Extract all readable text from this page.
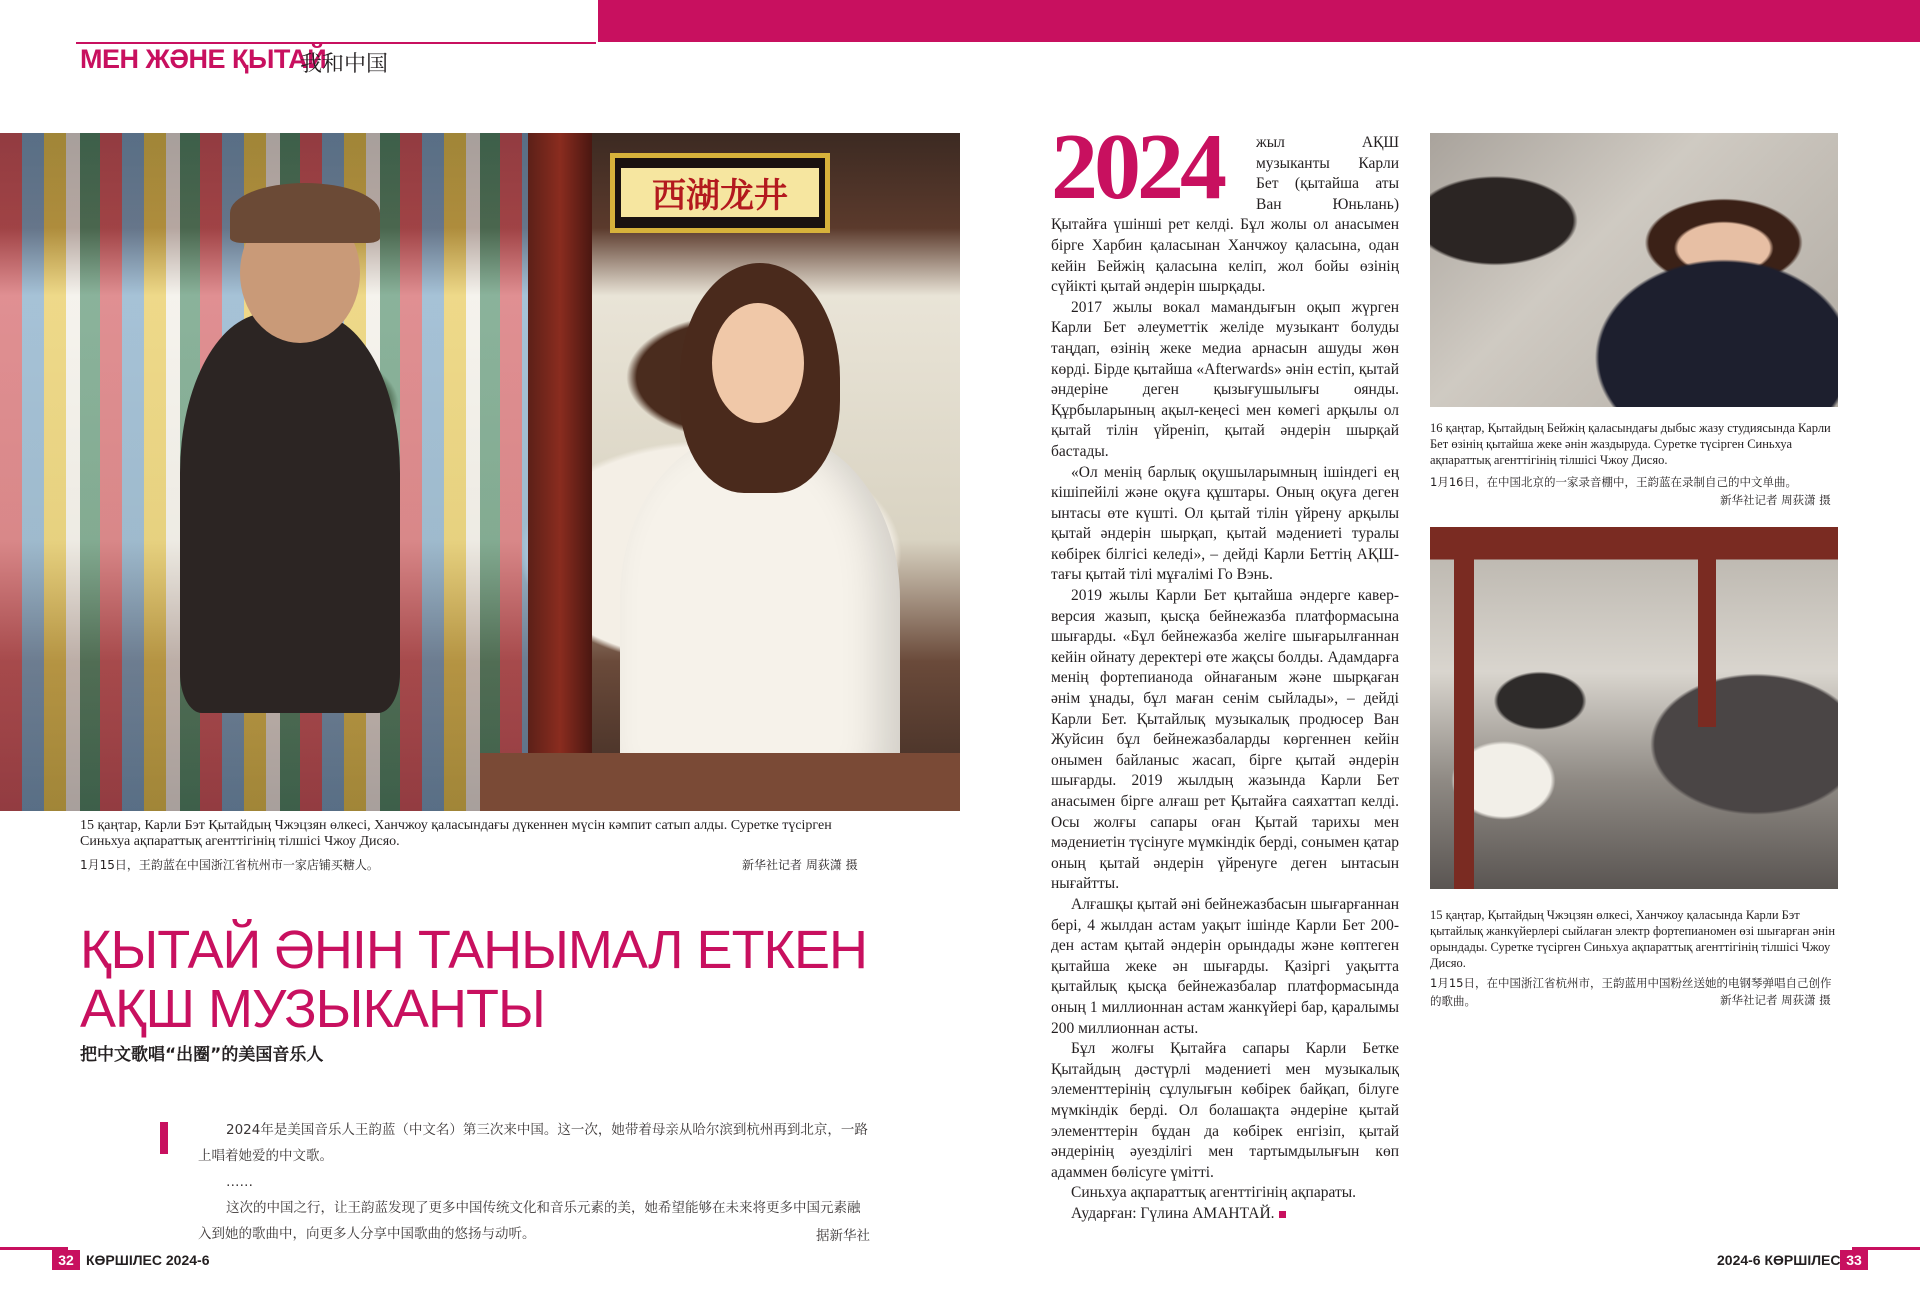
МЕН ЖӘНЕ ҚЫТАЙ
我和中国
西湖龙井
15 қаңтар, Карли Бэт Қытайдың Чжэцзян өлкесі, Ханчжоу қаласындағы дүкеннен мүсін кәмпит сатып алды. Суретке түсірген Синьхуа ақпараттық агенттігінің тілшісі Чжоу Дисяо.
1月15日，王韵蓝在中国浙江省杭州市一家店铺买糖人。	新华社记者 周荻潇 摄
ҚЫТАЙ ӘНІН ТАНЫМАЛ ЕТКЕН АҚШ МУЗЫКАНТЫ
把中文歌唱“出圈”的美国音乐人

2024年是美国音乐人王韵蓝（中文名）第三次来中国。这一次，她带着母亲从哈尔滨到杭州再到北京，一路上唱着她爱的中文歌。

……

这次的中国之行，让王韵蓝发现了更多中国传统文化和音乐元素的美，她希望能够在未来将更多中国元素融入到她的歌曲中，向更多人分享中国歌曲的悠扬与动听。	据新华社
2024	жыл АҚШ музыканты Карли Бет (қытайша аты Ван Юньлань) Қытайға үшінші рет келді. Бұл жолы ол анасымен бірге Харбин қаласынан Ханчжоу қаласына, одан кейін Бейжің қаласына келіп, жол бойы өзінің сүйікті қытай әндерін шырқады.

2017 жылы вокал мамандығын оқып жүрген Карли Бет әлеуметтік желіде музыкант болуды таңдап, өзінің жеке медиа арнасын ашуды жөн көрді. Бірде қытайша «Afterwards» әнін естіп, қытай әндеріне деген қызығушылығы оянды. Құрбыларының ақыл-кеңесі мен көмегі арқылы ол қытай тілін үйреніп, қытай әндерін шырқай бастады.

«Ол менің барлық оқушыларымның ішіндегі ең кішіпейілі және оқуға құштары. Оның оқуға деген ынтасы өте күшті. Ол қытай тілін үйрену арқылы қытай әндерін шырқап, қытай мәдениеті туралы көбірек білгісі келеді», – дейді Карли Беттің АҚШ-тағы қытай тілі мұғалімі Го Вэнь.

2019 жылы Карли Бет қытайша әндерге кавер-версия жазып, қысқа бейнежазба платформасына шығарды. «Бұл бейнежазба желіге шығарылғаннан кейін ойнату деректері өте жақсы болды. Адамдарға менің фортепианода ойнағаным және шырқаған әнім ұнады, бұл маған сенім сыйлады», – дейді Карли Бет. Қытайлық музыкалық продюсер Ван Жуйсин бұл бейнежазбаларды көргеннен кейін онымен байланыс жасап, бірге қытай әндерін шығарды. 2019 жылдың жазында Карли Бет анасымен бірге алғаш рет Қытайға саяхаттап келді. Осы жолғы сапары оған Қытай тарихы мен мәдениетін түсінуге мүмкіндік берді, сонымен қатар оның қытай әндерін үйренуге деген ынтасын нығайтты.

Алғашқы қытай әні бейнежазбасын шығарғаннан бері, 4 жылдан астам уақыт ішінде Карли Бет 200-ден астам қытай әндерін орындады және көптеген қытайша жеке ән шығарды. Қазіргі уақытта қытайлық қысқа бейнежазбалар платформасында оның 1 миллионнан астам жанкүйері бар, қаралымы 200 миллионнан асты.

Бұл жолғы Қытайға сапары Карли Бетке Қытайдың дәстүрлі мәдениеті мен музыкалық элементтерінің сұлулығын көбірек байқап, білуге мүмкіндік берді. Ол болашақта әндеріне қытай элементтерін бұдан да көбірек енгізіп, қытай әндерінің әуезділігі мен тартымдылығын көп адаммен бөлісуге үмітті.

Синьхуа ақпараттық агенттігінің ақпараты.

Аударған: Гүлина АМАНТАЙ.

16 қаңтар, Қытайдың Бейжің қаласындағы дыбыс жазу студиясында Карли Бет өзінің қытайша жеке әнін жаздыруда. Суретке түсірген Синьхуа ақпараттық агенттігінің тілшісі Чжоу Дисяо.
1月16日，在中国北京的一家录音棚中，王韵蓝在录制自己的中文单曲。
新华社记者 周荻潇 摄
15 қаңтар, Қытайдың Чжэцзян өлкесі, Ханчжоу қаласында Карли Бэт қытайлық жанкүйерлері сыйлаған электр фортепианомен өзі шығарған әнін орындады. Суретке түсірген Синьхуа ақпараттық агенттігінің тілшісі Чжоу Дисяо.
1月15日，在中国浙江省杭州市，王韵蓝用中国粉丝送她的电钢琴弹唱自己创作的歌曲。	新华社记者 周荻潇 摄
32 КӨРШІЛЕС 2024-6	2024-6 КӨРШІЛЕС 33
